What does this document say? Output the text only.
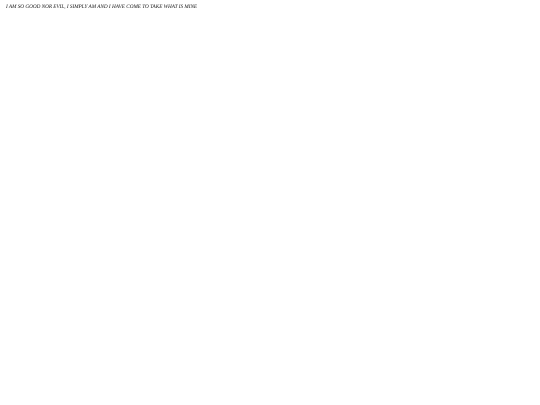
I AM SO GOOD NOR EVIL, I SIMPLY AM AND I HAVE COME TO TAKE WHAT IS MINE
